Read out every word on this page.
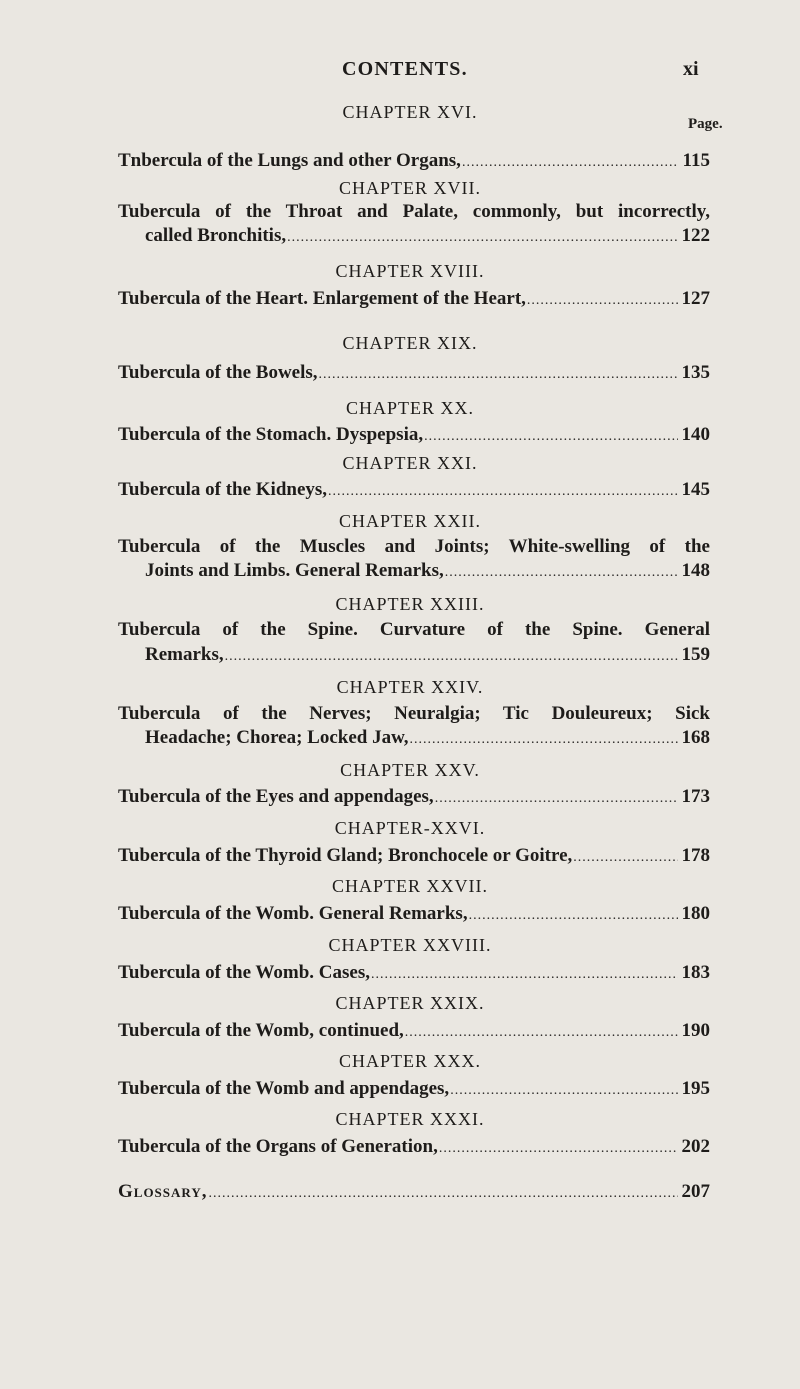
CONTENTS.	xi
Page.
CHAPTER XVI.
Tnbercula of the Lungs and other Organs, .....	115
CHAPTER XVII.
Tubercula of the Throat and Palate, commonly, but incorrectly,
called Bronchitis, .....	122
CHAPTER XVIII.
Tubercula of the Heart. Enlargement of the Heart, .....	127
CHAPTER XIX.
Tubercula of the Bowels, .....	135
CHAPTER XX.
Tubercula of the Stomach. Dyspepsia, .....	140
CHAPTER XXI.
Tubercula of the Kidneys, .....	145
CHAPTER XXII.
Tubercula of the Muscles and Joints; White-swelling of the
Joints and Limbs. General Remarks, .....	148
CHAPTER XXIII.
Tubercula of the Spine. Curvature of the Spine. General
Remarks, .....	159
CHAPTER XXIV.
Tubercula of the Nerves; Neuralgia; Tic Douleureux; Sick
Headache; Chorea; Locked Jaw, .....	168
CHAPTER XXV.
Tubercula of the Eyes and appendages, .....	173
CHAPTER-XXVI.
Tubercula of the Thyroid Gland; Bronchocele or Goitre, .....	178
CHAPTER XXVII.
Tubercula of the Womb. General Remarks, .....	180
CHAPTER XXVIII.
Tubercula of the Womb. Cases, .....	183
CHAPTER XXIX.
Tubercula of the Womb, continued, .....	190
CHAPTER XXX.
Tubercula of the Womb and appendages, .....	195
CHAPTER XXXI.
Tubercula of the Organs of Generation, .....	202
Glossary, .....	207
